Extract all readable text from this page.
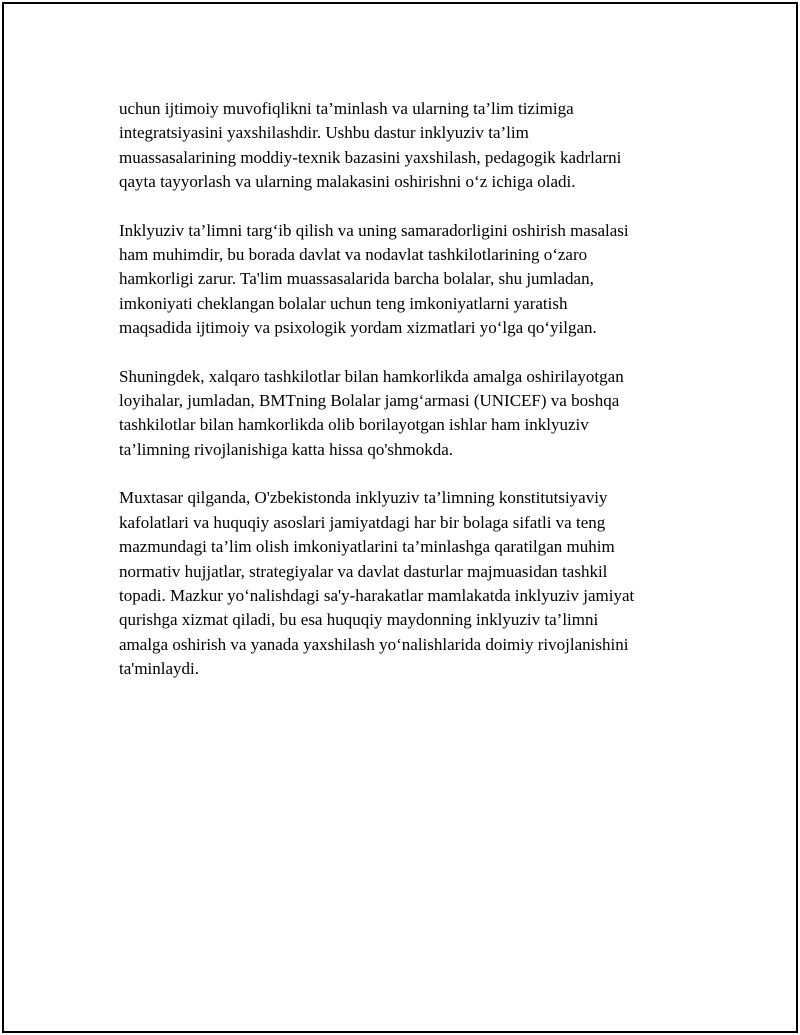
uchun ijtimoiy muvofiqlikni ta’minlash va ularning ta’lim tizimiga
integratsiyasini yaxshilashdir. Ushbu dastur inklyuziv ta’lim
muassasalarining moddiy-texnik bazasini yaxshilash, pedagogik kadrlarni
qayta tayyorlash va ularning malakasini oshirishni o‘z ichiga oladi.

Inklyuziv ta’limni targ‘ib qilish va uning samaradorligini oshirish masalasi
ham muhimdir, bu borada davlat va nodavlat tashkilotlarining o‘zaro
hamkorligi zarur. Ta'lim muassasalarida barcha bolalar, shu jumladan,
imkoniyati cheklangan bolalar uchun teng imkoniyatlarni yaratish
maqsadida ijtimoiy va psixologik yordam xizmatlari yo‘lga qo‘yilgan.

Shuningdek, xalqaro tashkilotlar bilan hamkorlikda amalga oshirilayotgan
loyihalar, jumladan, BMTning Bolalar jamg‘armasi (UNICEF) va boshqa
tashkilotlar bilan hamkorlikda olib borilayotgan ishlar ham inklyuziv
ta’limning rivojlanishiga katta hissa qo'shmokda.

Muxtasar qilganda, O'zbekistonda inklyuziv ta’limning konstitutsiyaviy
kafolatlari va huquqiy asoslari jamiyatdagi har bir bolaga sifatli va teng
mazmundagi ta’lim olish imkoniyatlarini ta’minlashga qaratilgan muhim
normativ hujjatlar, strategiyalar va davlat dasturlar majmuasidan tashkil
topadi. Mazkur yo‘nalishdagi sa'y-harakatlar mamlakatda inklyuziv jamiyat
qurishga xizmat qiladi, bu esa huquqiy maydonning inklyuziv ta’limni
amalga oshirish va yanada yaxshilash yo‘nalishlarida doimiy rivojlanishini
ta'minlaydi.
